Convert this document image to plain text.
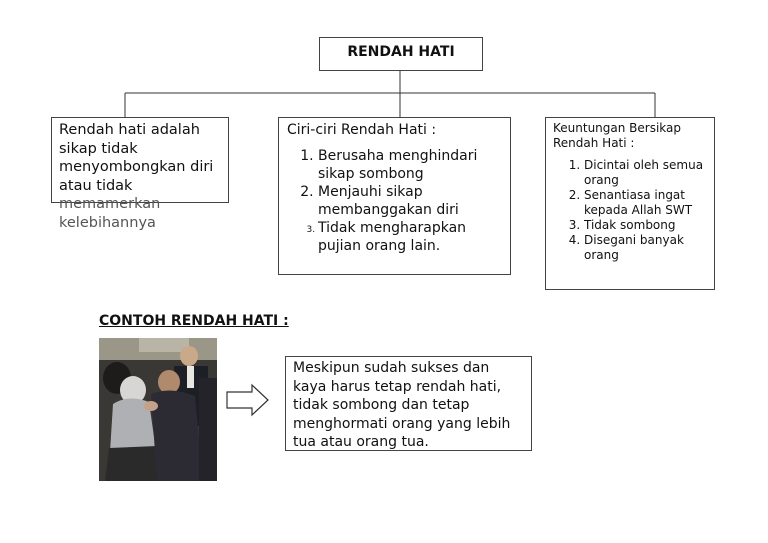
RENDAH HATI
Rendah hati adalah sikap tidak menyombongkan diri atau tidak
memamerkan kelebihannya
Ciri-ciri Rendah Hati :
1. Berusaha menghindari sikap sombong
2. Menjauhi sikap membanggakan diri
3. Tidak mengharapkan pujian orang lain.
Keuntungan Bersikap Rendah Hati :
1. Dicintai oleh semua orang
2. Senantiasa ingat kepada Allah SWT
3. Tidak sombong
4. Disegani banyak orang
CONTOH RENDAH HATI :
Meskipun sudah sukses dan kaya harus tetap rendah hati, tidak sombong dan tetap menghormati orang yang lebih tua atau orang tua.
